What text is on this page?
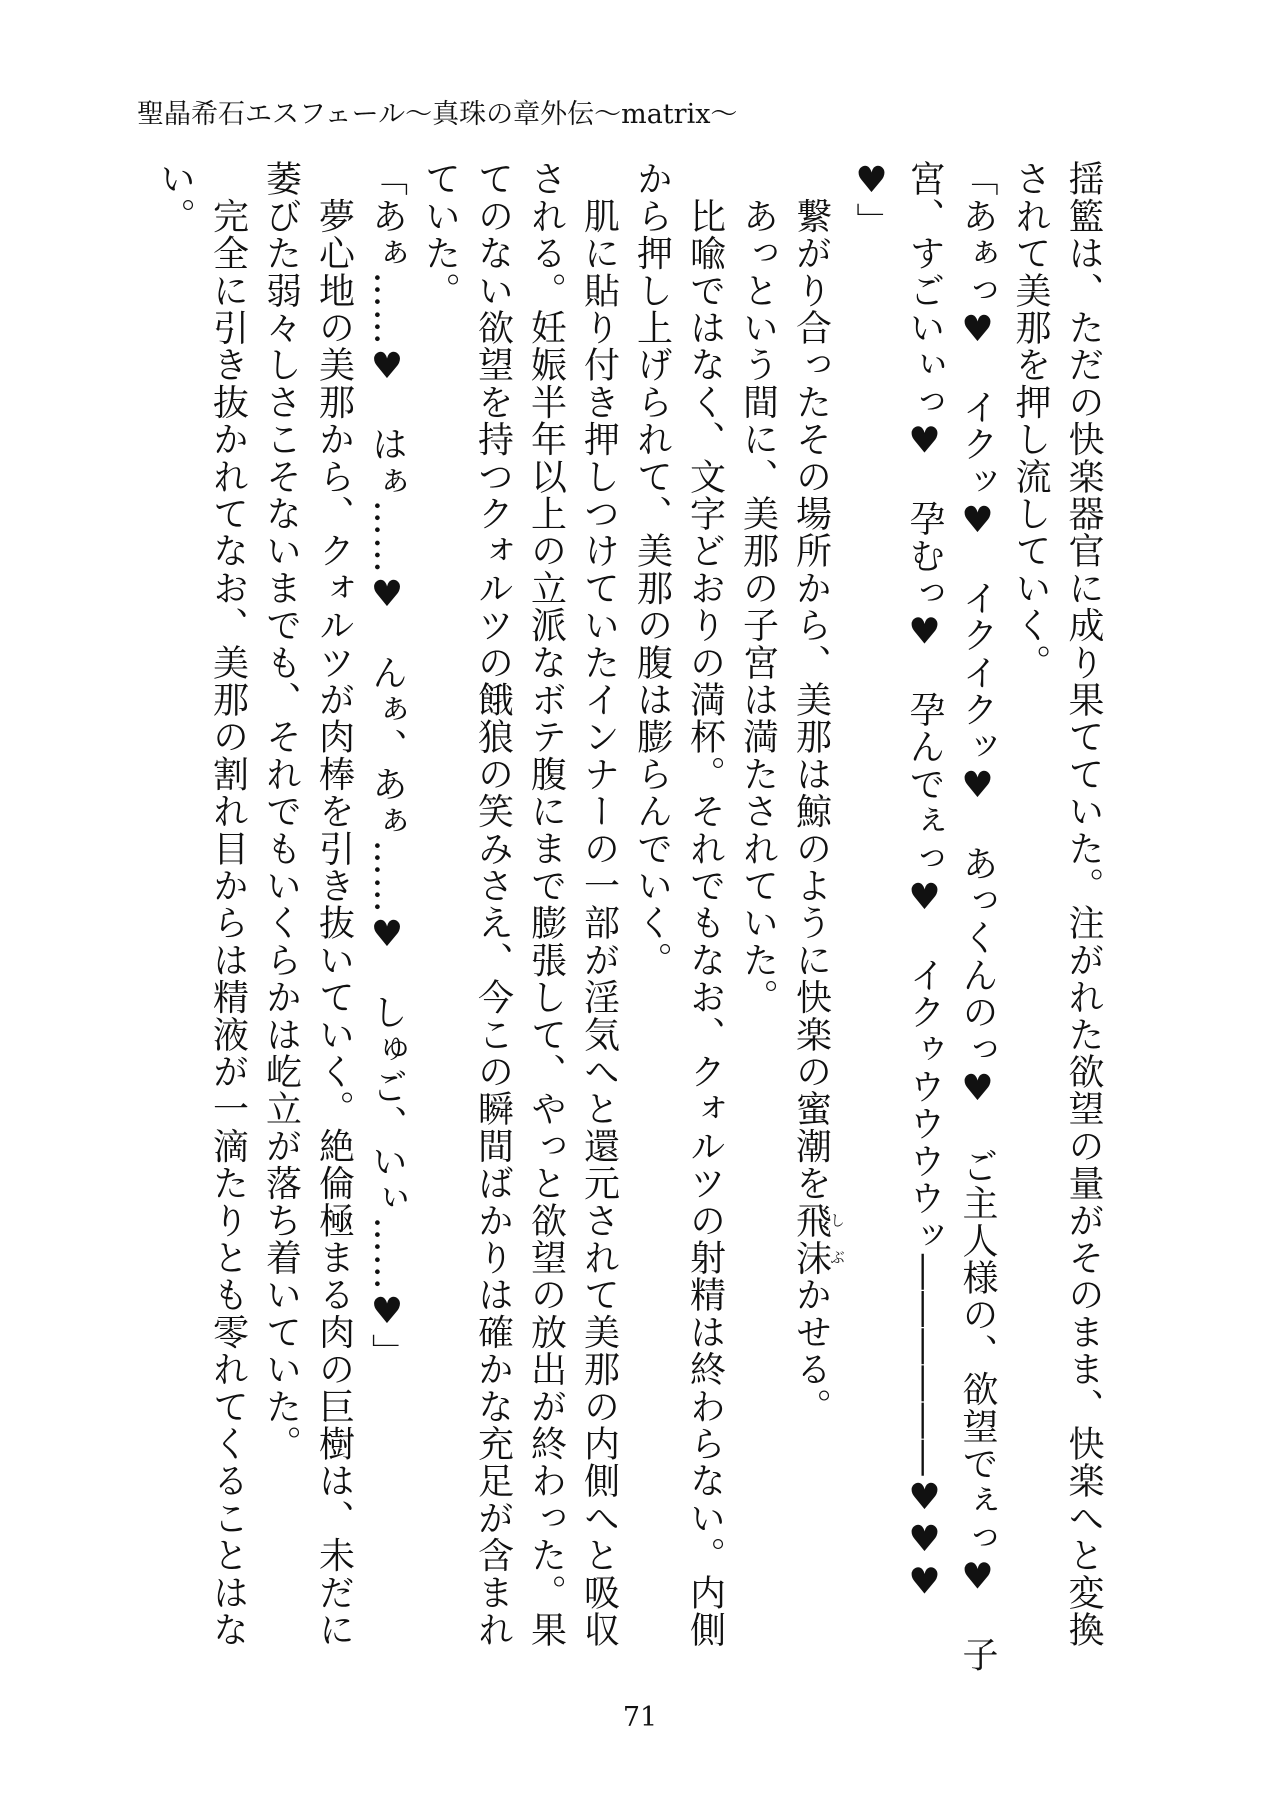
聖晶希石エスフェール〜真珠の章外伝〜matrix〜
揺籃は、ただの快楽器官に成り果てていた。注がれた欲望の量がそのまま、快楽へと変換
されて美那を押し流していく。
「あぁっ♥　イクッ♥　イクイクッ♥　あっくんのっ♥　ご主人様の、欲望でぇっ♥　子
宮、すごいぃっ♥　孕むっ♥　孕んでぇっ♥　イクゥウウウウッ――――――♥♥♥
♥」
　繋がり合ったその場所から、美那は鯨のように快楽の蜜潮を飛沫しぶかせる。
　あっという間に、美那の子宮は満たされていた。
　比喩ではなく、文字どおりの満杯。それでもなお、クォルツの射精は終わらない。内側
から押し上げられて、美那の腹は膨らんでいく。
　肌に貼り付き押しつけていたインナーの一部が淫気へと還元されて美那の内側へと吸収
される。妊娠半年以上の立派なボテ腹にまで膨張して、やっと欲望の放出が終わった。果
てのない欲望を持つクォルツの餓狼の笑みさえ、今この瞬間ばかりは確かな充足が含まれ
ていた。
「あぁ……♥　はぁ……♥　んぁ、あぁ……♥　しゅご、いぃ……♥」
　夢心地の美那から、クォルツが肉棒を引き抜いていく。絶倫極まる肉の巨樹は、未だに
萎びた弱々しさこそないまでも、それでもいくらかは屹立が落ち着いていた。
　完全に引き抜かれてなお、美那の割れ目からは精液が一滴たりとも零れてくることはな
い。
71
